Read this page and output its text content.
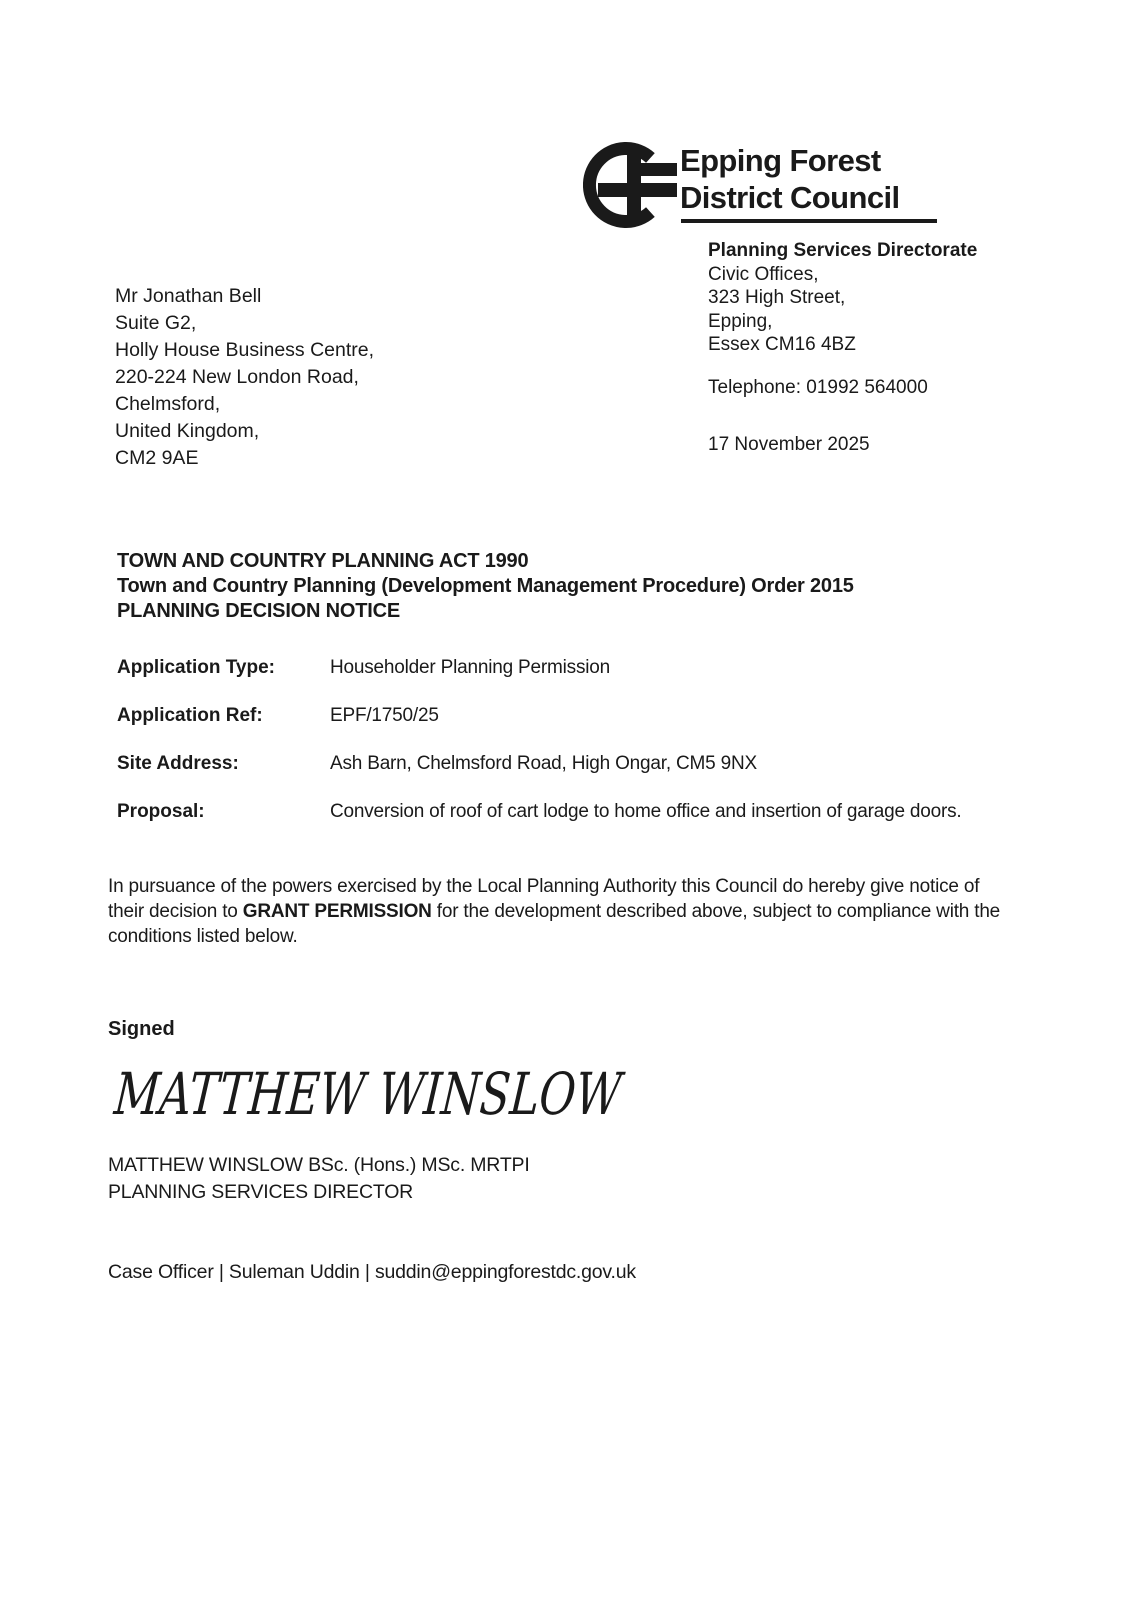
Epping Forest
District Council
Planning Services Directorate
Civic Offices,
323 High Street,
Epping,
Essex CM16 4BZ
Telephone: 01992 564000
17 November 2025
Mr Jonathan Bell
Suite G2,
Holly House Business Centre,
220-224 New London Road,
Chelmsford,
United Kingdom,
CM2 9AE
TOWN AND COUNTRY PLANNING ACT 1990
Town and Country Planning (Development Management Procedure) Order 2015
PLANNING DECISION NOTICE
Application Type:	Householder Planning Permission
Application Ref:	EPF/1750/25
Site Address:	Ash Barn, Chelmsford Road, High Ongar, CM5 9NX
Proposal:	Conversion of roof of cart lodge to home office and insertion of garage doors.
In pursuance of the powers exercised by the Local Planning Authority this Council do hereby give notice of their decision to GRANT PERMISSION for the development described above, subject to compliance with the conditions listed below.
Signed
MATTHEW WINSLOW
MATTHEW WINSLOW BSc. (Hons.) MSc. MRTPI
PLANNING SERVICES DIRECTOR
Case Officer | Suleman Uddin | suddin@eppingforestdc.gov.uk
